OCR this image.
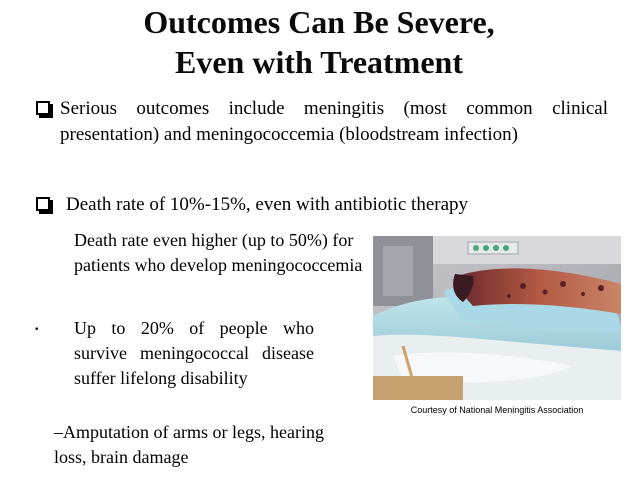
Outcomes Can Be Severe,
Even with Treatment
Serious outcomes include meningitis (most common clinical presentation) and meningococcemia (bloodstream infection)
Death rate of 10%-15%, even with antibiotic therapy
Death rate even higher (up to 50%) for patients who develop meningococcemia
. Up to 20% of people who survive meningococcal disease suffer lifelong disability
–Amputation of arms or legs, hearing loss, brain damage
Courtesy of National Meningitis Association
